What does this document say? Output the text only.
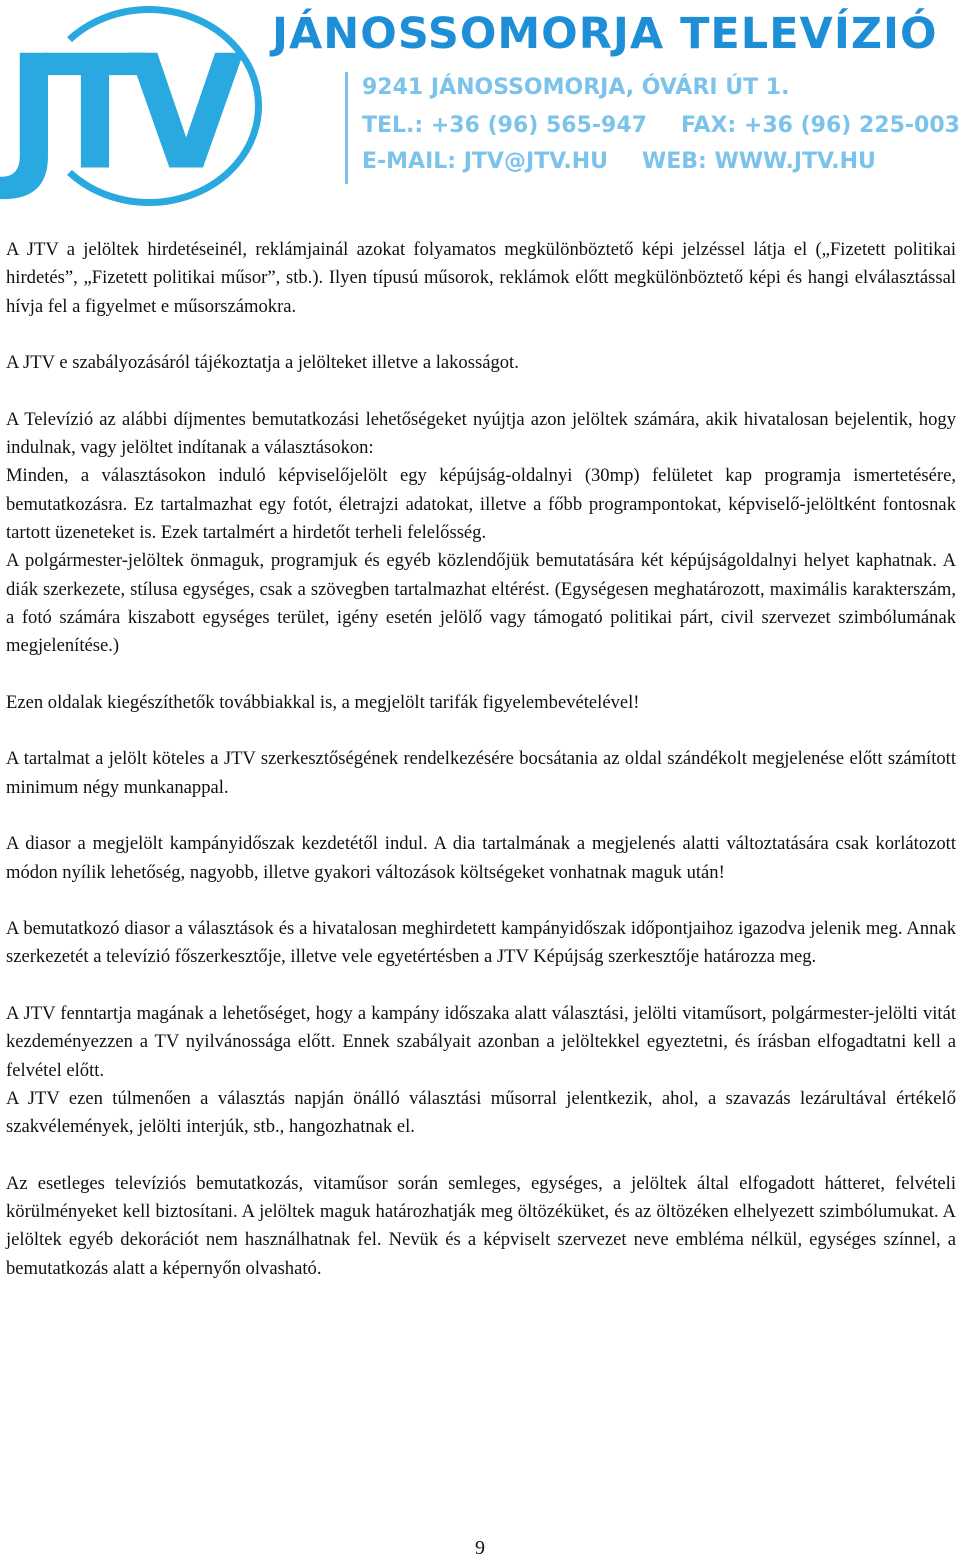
JTV	JÁNOSSOMORJA TELEVÍZIÓ
9241 JÁNOSSOMORJA, ÓVÁRI ÚT 1.
TEL.: +36 (96) 565-947 FAX: +36 (96) 225-003
E-MAIL: JTV@JTV.HU WEB: WWW.JTV.HU

A JTV a jelöltek hirdetéseinél, reklámjainál azokat folyamatos megkülönböztető képi jelzéssel látja el („Fizetett politikai hirdetés”, „Fizetett politikai műsor”, stb.). Ilyen típusú műsorok, reklámok előtt megkülönböztető képi és hangi elválasztással hívja fel a figyelmet e műsorszámokra.

A JTV e szabályozásáról tájékoztatja a jelölteket illetve a lakosságot.

A Televízió az alábbi díjmentes bemutatkozási lehetőségeket nyújtja azon jelöltek számára, akik hivatalosan bejelentik, hogy indulnak, vagy jelöltet indítanak a választásokon:

Minden, a választásokon induló képviselőjelölt egy képújság-oldalnyi (30mp) felületet kap programja ismertetésére, bemutatkozásra. Ez tartalmazhat egy fotót, életrajzi adatokat, illetve a főbb programpontokat, képviselő-jelöltként fontosnak tartott üzeneteket is. Ezek tartalmért a hirdetőt terheli felelősség.

A polgármester-jelöltek önmaguk, programjuk és egyéb közlendőjük bemutatására két képújságoldalnyi helyet kaphatnak. A diák szerkezete, stílusa egységes, csak a szövegben tartalmazhat eltérést. (Egységesen meghatározott, maximális karakterszám, a fotó számára kiszabott egységes terület, igény esetén jelölő vagy támogató politikai párt, civil szervezet szimbólumának megjelenítése.)

Ezen oldalak kiegészíthetők továbbiakkal is, a megjelölt tarifák figyelembevételével!

A tartalmat a jelölt köteles a JTV szerkesztőségének rendelkezésére bocsátania az oldal szándékolt megjelenése előtt számított minimum négy munkanappal.

A diasor a megjelölt kampányidőszak kezdetétől indul. A dia tartalmának a megjelenés alatti változtatására csak korlátozott módon nyílik lehetőség, nagyobb, illetve gyakori változások költségeket vonhatnak maguk után!

A bemutatkozó diasor a választások és a hivatalosan meghirdetett kampányidőszak időpontjaihoz igazodva jelenik meg. Annak szerkezetét a televízió főszerkesztője, illetve vele egyetértésben a JTV Képújság szerkesztője határozza meg.

A JTV fenntartja magának a lehetőséget, hogy a kampány időszaka alatt választási, jelölti vitaműsort, polgármester-jelölti vitát kezdeményezzen a TV nyilvánossága előtt. Ennek szabályait azonban a jelöltekkel egyeztetni, és írásban elfogadtatni kell a felvétel előtt.

A JTV ezen túlmenően a választás napján önálló választási műsorral jelentkezik, ahol, a szavazás lezárultával értékelő szakvélemények, jelölti interjúk, stb., hangozhatnak el.

Az esetleges televíziós bemutatkozás, vitaműsor során semleges, egységes, a jelöltek által elfogadott hátteret, felvételi körülményeket kell biztosítani. A jelöltek maguk határozhatják meg öltözéküket, és az öltözéken elhelyezett szimbólumukat. A jelöltek egyéb dekorációt nem használhatnak fel. Nevük és a képviselt szervezet neve embléma nélkül, egységes színnel, a bemutatkozás alatt a képernyőn olvasható.

9
